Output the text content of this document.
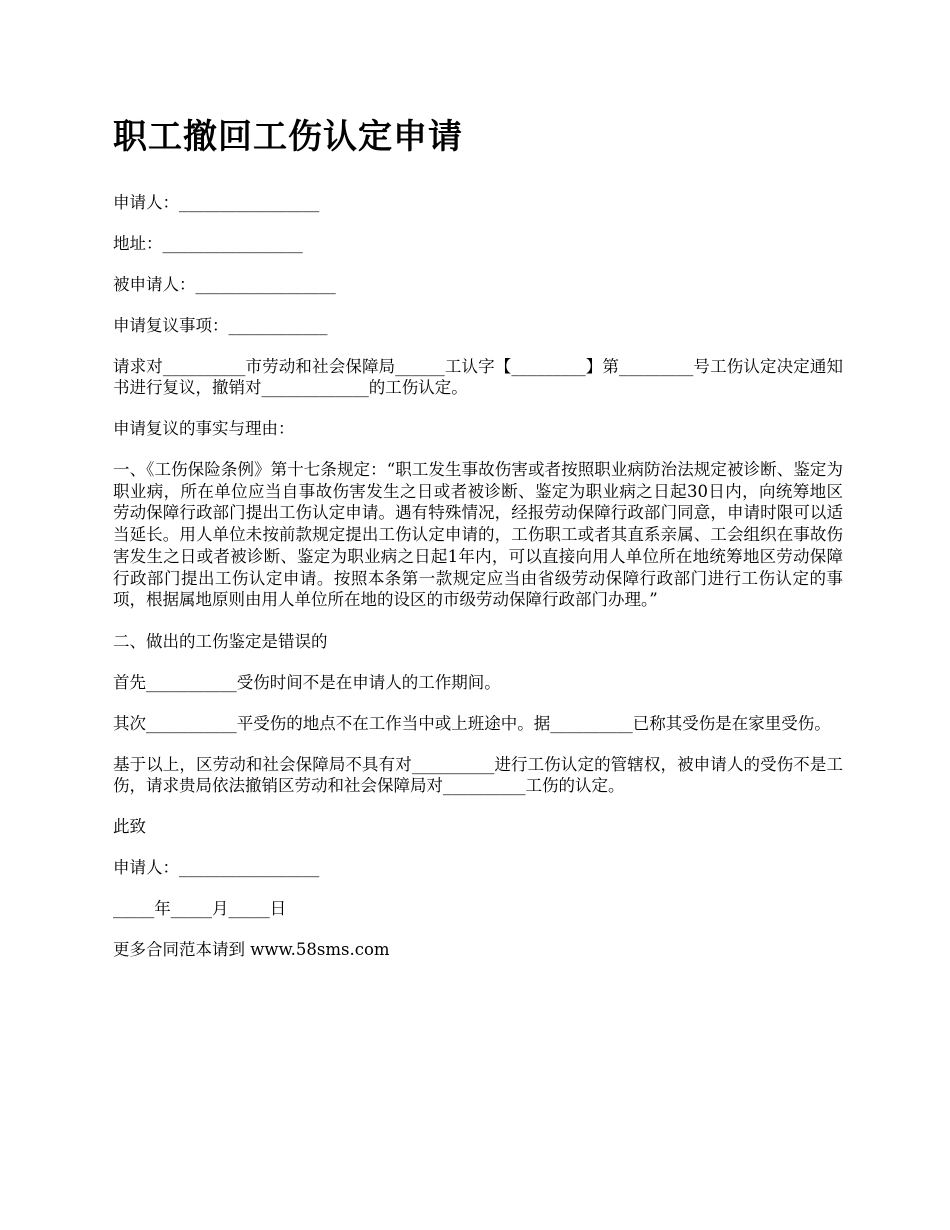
职工撤回工伤认定申请

申请人：_________________

地址：_________________

被申请人：_________________

申请复议事项：____________

请求对__________市劳动和社会保障局______工认字【_________】第_________号工伤认定决定通知书进行复议，撤销对_____________的工伤认定。

申请复议的事实与理由：

一、《工伤保险条例》第十七条规定：“职工发生事故伤害或者按照职业病防治法规定被诊断、鉴定为职业病，所在单位应当自事故伤害发生之日或者被诊断、鉴定为职业病之日起30日内，向统筹地区劳动保障行政部门提出工伤认定申请。遇有特殊情况，经报劳动保障行政部门同意，申请时限可以适当延长。用人单位未按前款规定提出工伤认定申请的，工伤职工或者其直系亲属、工会组织在事故伤害发生之日或者被诊断、鉴定为职业病之日起1年内，可以直接向用人单位所在地统筹地区劳动保障行政部门提出工伤认定申请。按照本条第一款规定应当由省级劳动保障行政部门进行工伤认定的事项，根据属地原则由用人单位所在地的设区的市级劳动保障行政部门办理。”

二、做出的工伤鉴定是错误的

首先___________受伤时间不是在申请人的工作期间。

其次___________平受伤的地点不在工作当中或上班途中。据__________已称其受伤是在家里受伤。

基于以上，区劳动和社会保障局不具有对__________进行工伤认定的管辖权，被申请人的受伤不是工伤，请求贵局依法撤销区劳动和社会保障局对__________工伤的认定。

此致

申请人：_________________

_____年_____月_____日

更多合同范本请到 www.58sms.com
